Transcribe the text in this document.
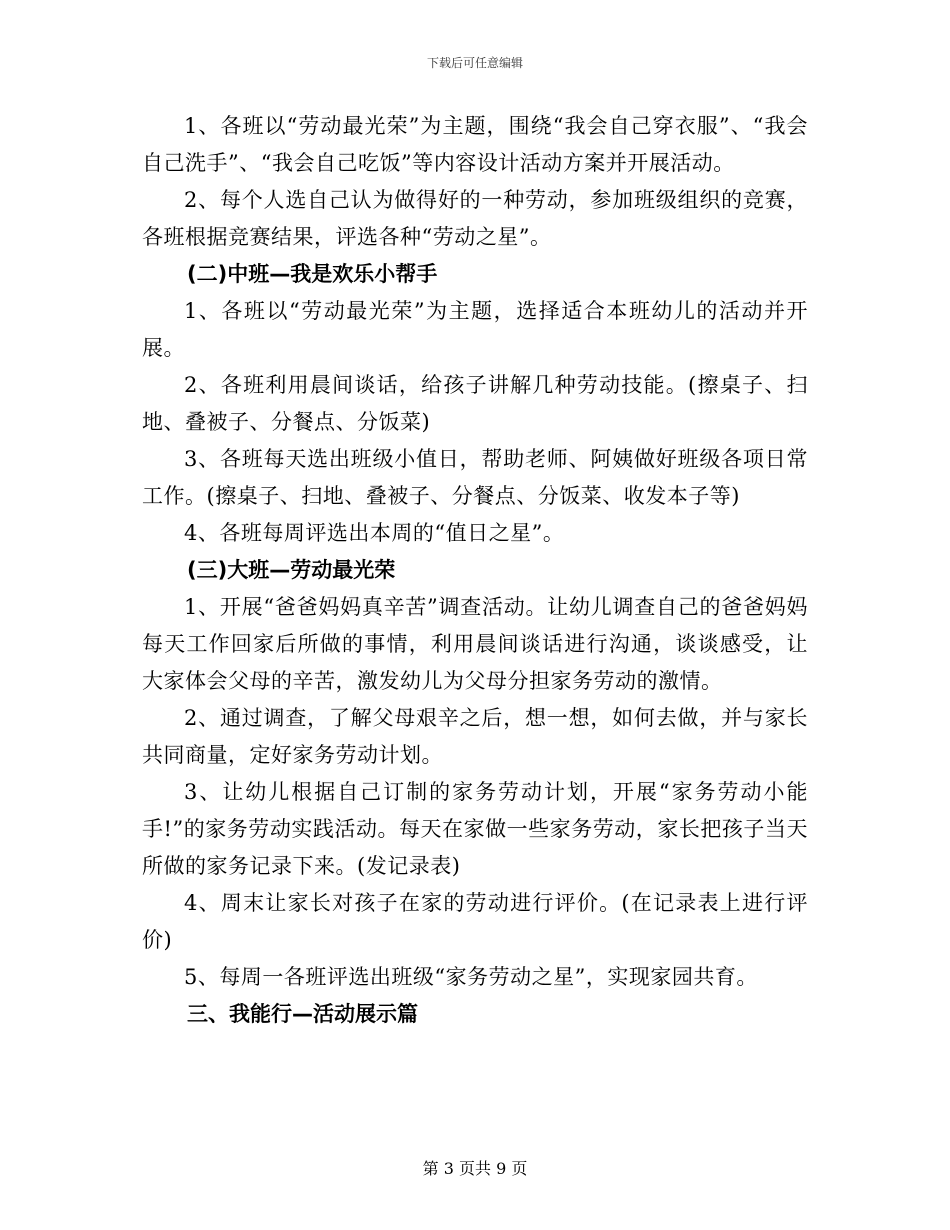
下载后可任意编辑

1、各班以“劳动最光荣”为主题，围绕“我会自己穿衣服”、“我会自己洗手”、“我会自己吃饭”等内容设计活动方案并开展活动。

2、每个人选自己认为做得好的一种劳动，参加班级组织的竞赛，各班根据竞赛结果，评选各种“劳动之星”。

(二)中班—我是欢乐小帮手

1、各班以“劳动最光荣”为主题，选择适合本班幼儿的活动并开展。

2、各班利用晨间谈话，给孩子讲解几种劳动技能。(擦桌子、扫地、叠被子、分餐点、分饭菜)

3、各班每天选出班级小值日，帮助老师、阿姨做好班级各项日常工作。(擦桌子、扫地、叠被子、分餐点、分饭菜、收发本子等)

4、各班每周评选出本周的“值日之星”。

(三)大班—劳动最光荣

1、开展“爸爸妈妈真辛苦”调查活动。让幼儿调查自己的爸爸妈妈每天工作回家后所做的事情，利用晨间谈话进行沟通，谈谈感受，让大家体会父母的辛苦，激发幼儿为父母分担家务劳动的激情。

2、通过调查，了解父母艰辛之后，想一想，如何去做，并与家长共同商量，定好家务劳动计划。

3、让幼儿根据自己订制的家务劳动计划，开展“家务劳动小能手!”的家务劳动实践活动。每天在家做一些家务劳动，家长把孩子当天所做的家务记录下来。(发记录表)

4、周末让家长对孩子在家的劳动进行评价。(在记录表上进行评价)

5、每周一各班评选出班级“家务劳动之星”，实现家园共育。

三、我能行—活动展示篇

第 3 页共 9 页
